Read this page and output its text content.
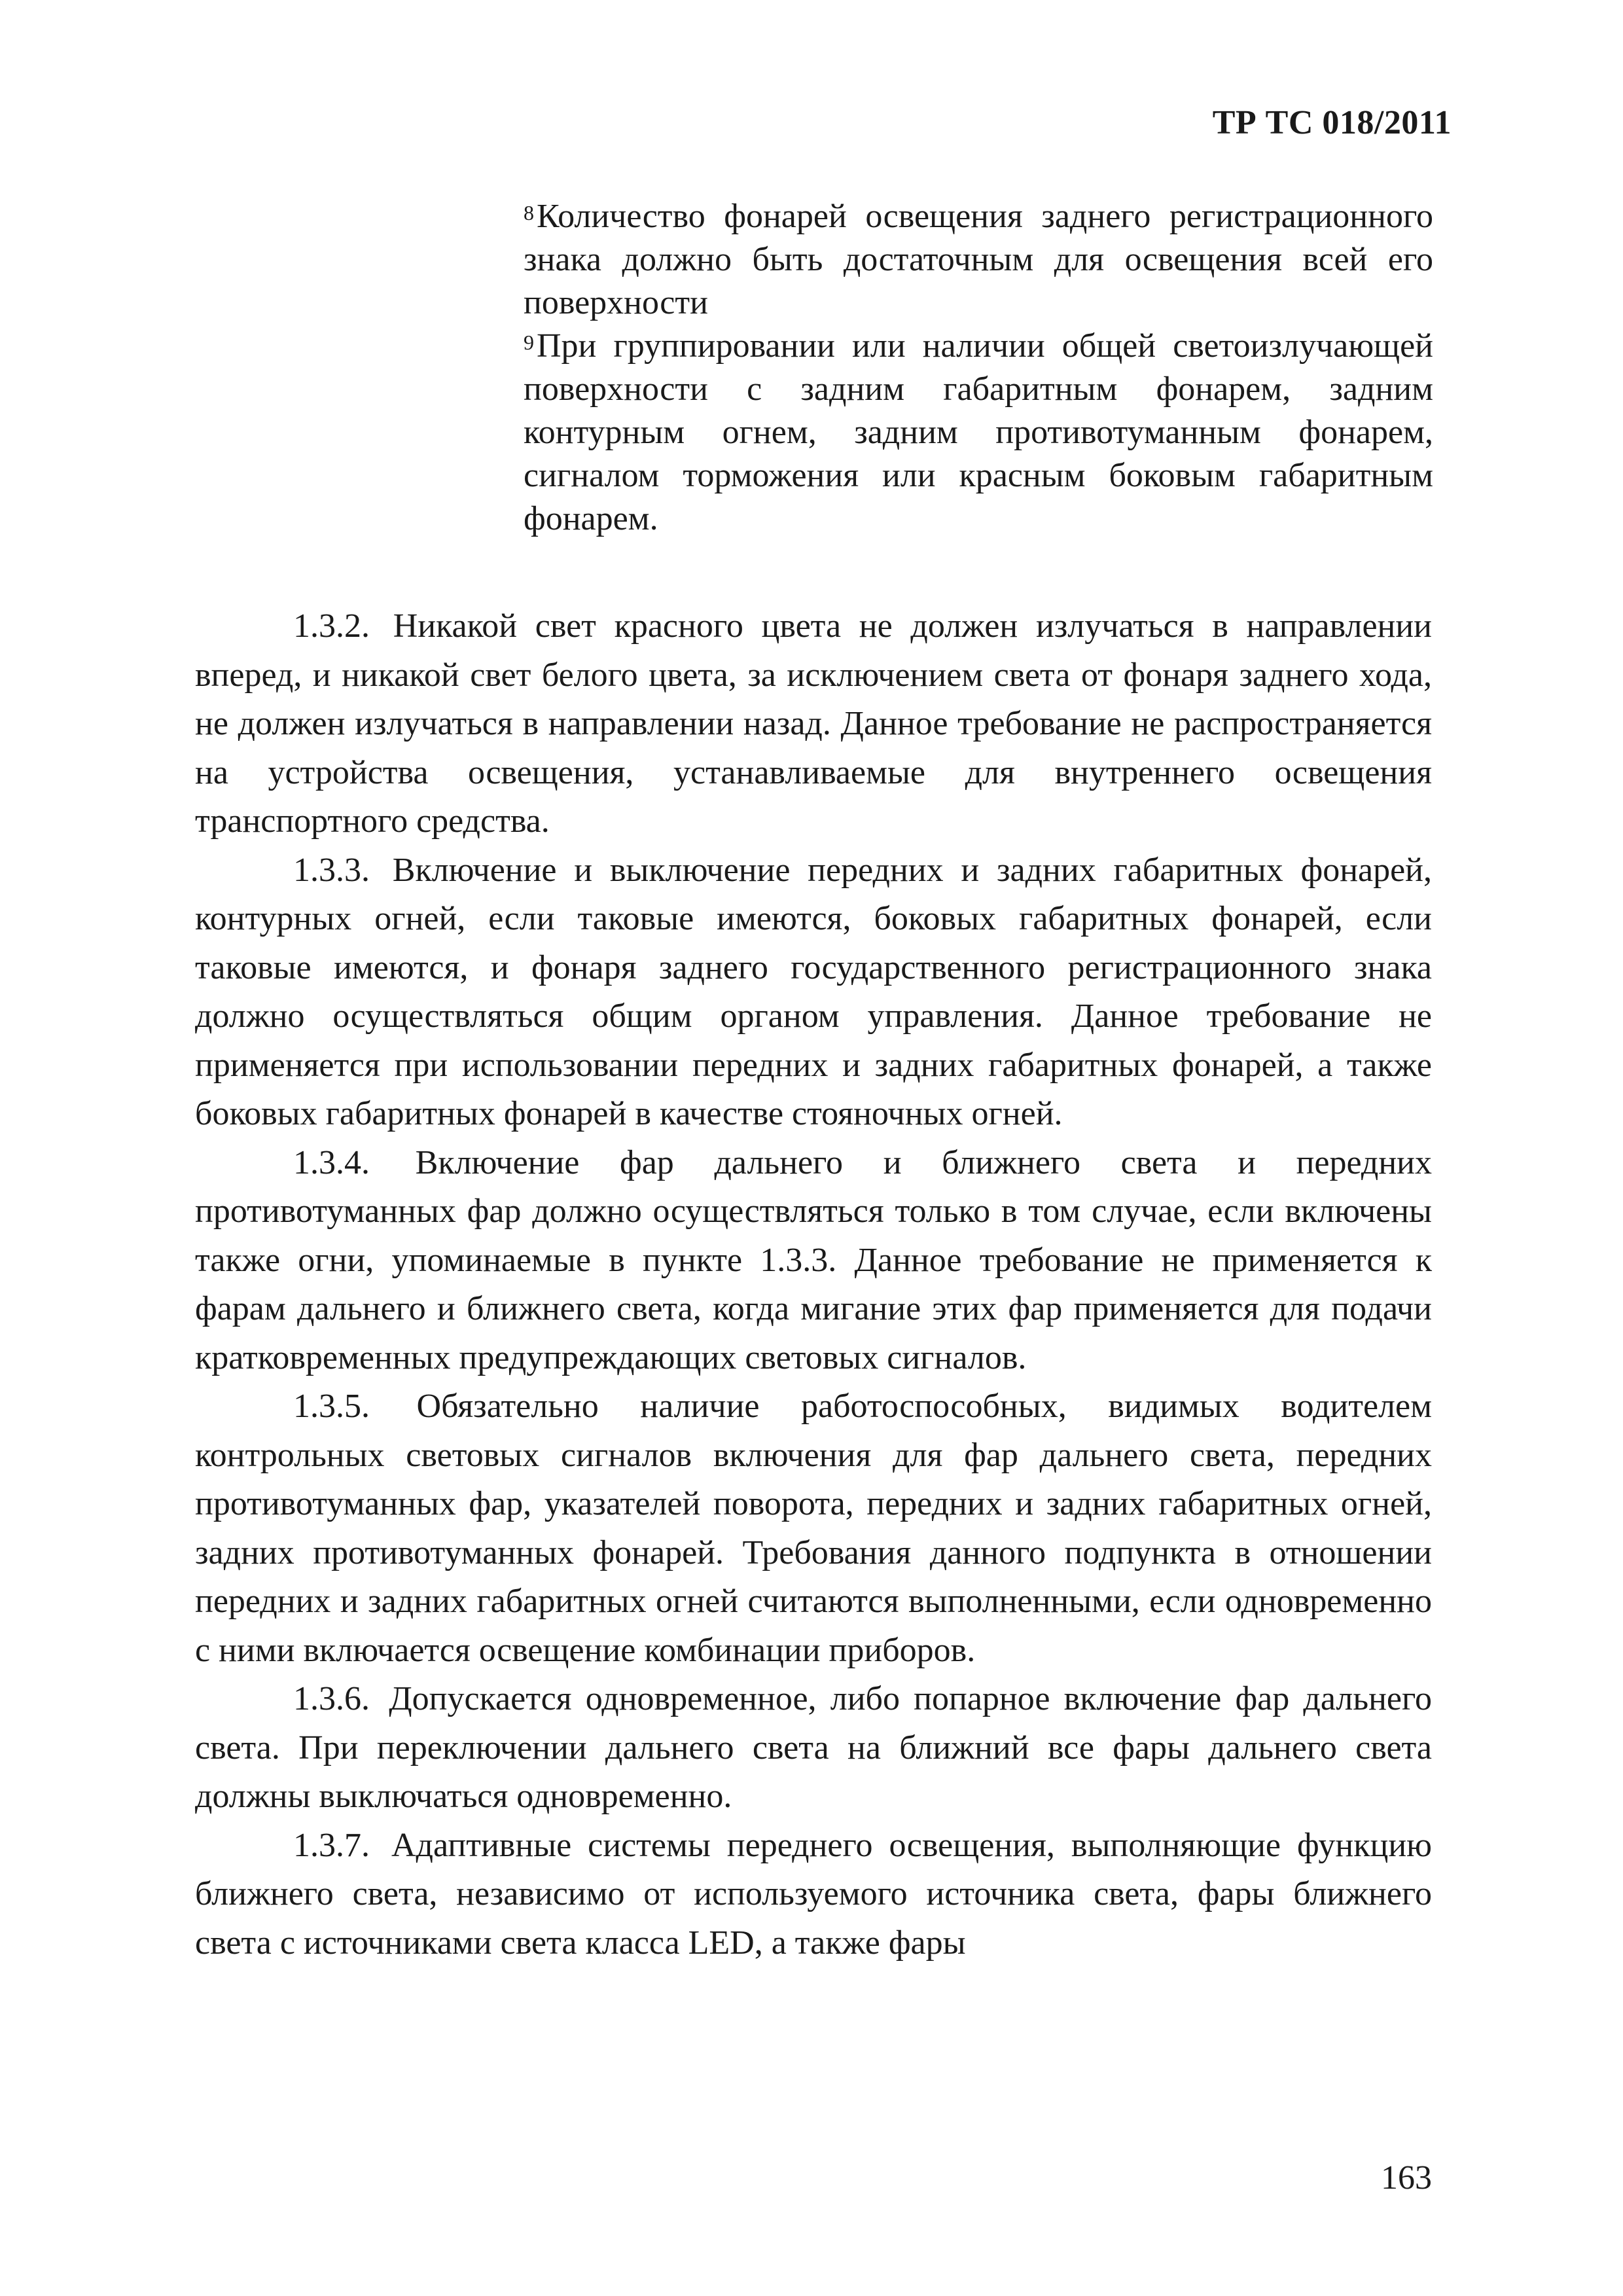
ТР ТС 018/2011

$^8$Количество фонарей освещения заднего регистрационного знака должно быть достаточным для освещения всей его поверхности

$^9$При группировании или наличии общей светоизлучающей поверхности с задним габаритным фонарем, задним контурным огнем, задним противотуманным фонарем, сигналом торможения или красным боковым габаритным фонарем.

1.3.2. Никакой свет красного цвета не должен излучаться в направлении вперед, и никакой свет белого цвета, за исключением света от фонаря заднего хода, не должен излучаться в направлении назад. Данное требование не распространяется на устройства освещения, устанавливаемые для внутреннего освещения транспортного средства.

1.3.3. Включение и выключение передних и задних габаритных фонарей, контурных огней, если таковые имеются, боковых габаритных фонарей, если таковые имеются, и фонаря заднего государственного регистрационного знака должно осуществляться общим органом управления. Данное требование не применяется при использовании передних и задних габаритных фонарей, а также боковых габаритных фонарей в качестве стояночных огней.

1.3.4. Включение фар дальнего и ближнего света и передних противотуманных фар должно осуществляться только в том случае, если включены также огни, упоминаемые в пункте 1.3.3. Данное требование не применяется к фарам дальнего и ближнего света, когда мигание этих фар применяется для подачи кратковременных предупреждающих световых сигналов.

1.3.5. Обязательно наличие работоспособных, видимых водителем контрольных световых сигналов включения для фар дальнего света, передних противотуманных фар, указателей поворота, передних и задних габаритных огней, задних противотуманных фонарей. Требования данного подпункта в отношении передних и задних габаритных огней считаются выполненными, если одновременно с ними включается освещение комбинации приборов.

1.3.6. Допускается одновременное, либо попарное включение фар дальнего света. При переключении дальнего света на ближний все фары дальнего света должны выключаться одновременно.

1.3.7. Адаптивные системы переднего освещения, выполняющие функцию ближнего света, независимо от используемого источника света, фары ближнего света с источниками света класса LED, а также фары

163
